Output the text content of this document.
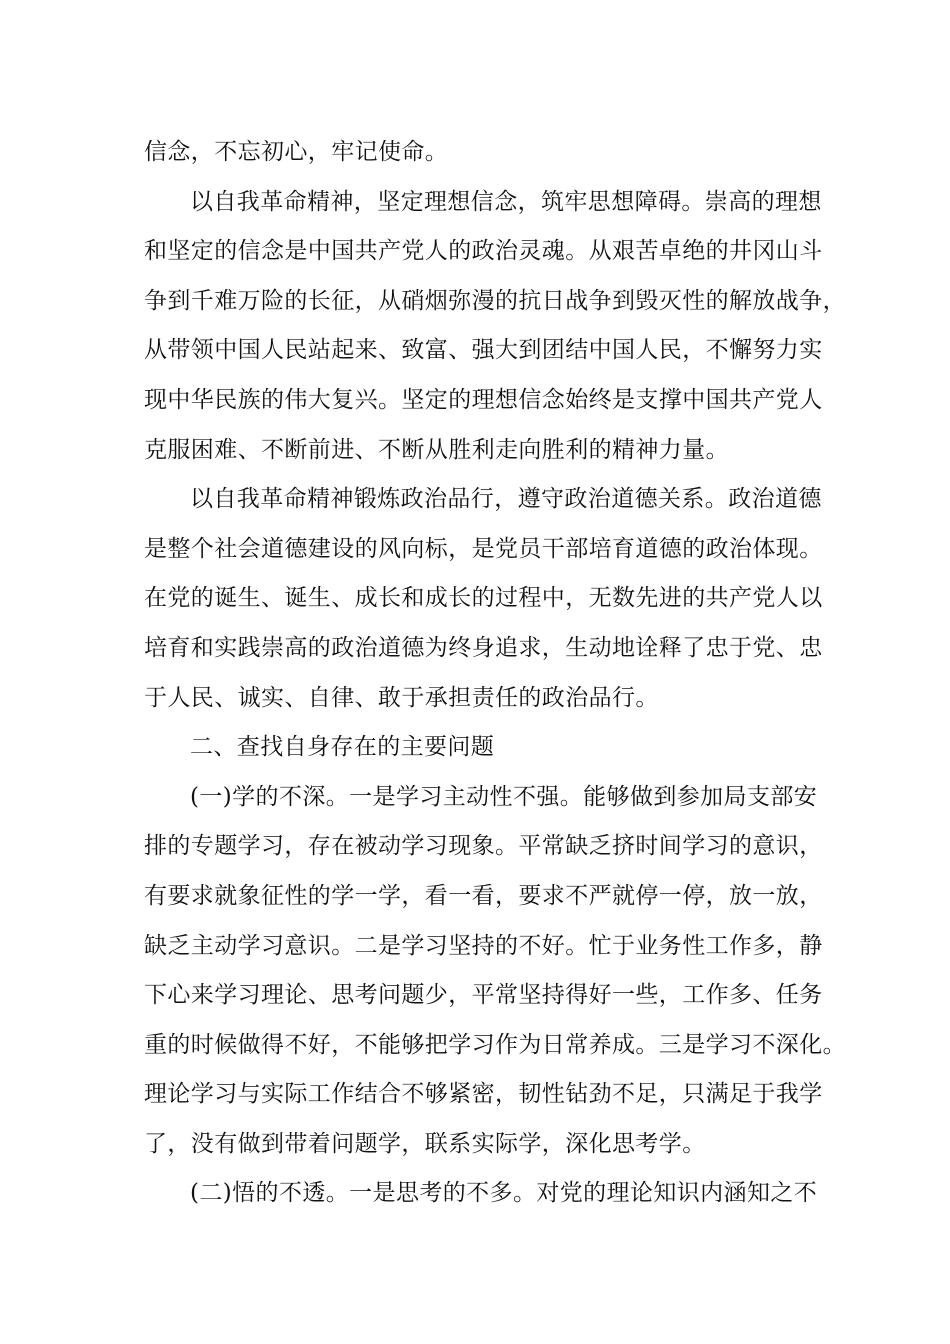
信念，不忘初心，牢记使命。
以自我革命精神，坚定理想信念，筑牢思想障碍。崇高的理想
和坚定的信念是中国共产党人的政治灵魂。从艰苦卓绝的井冈山斗
争到千难万险的长征，从硝烟弥漫的抗日战争到毁灭性的解放战争，
从带领中国人民站起来、致富、强大到团结中国人民，不懈努力实
现中华民族的伟大复兴。坚定的理想信念始终是支撑中国共产党人
克服困难、不断前进、不断从胜利走向胜利的精神力量。
以自我革命精神锻炼政治品行，遵守政治道德关系。政治道德
是整个社会道德建设的风向标，是党员干部培育道德的政治体现。
在党的诞生、诞生、成长和成长的过程中，无数先进的共产党人以
培育和实践崇高的政治道德为终身追求，生动地诠释了忠于党、忠
于人民、诚实、自律、敢于承担责任的政治品行。
二、查找自身存在的主要问题
(一)学的不深。一是学习主动性不强。能够做到参加局支部安
排的专题学习，存在被动学习现象。平常缺乏挤时间学习的意识，
有要求就象征性的学一学，看一看，要求不严就停一停，放一放，
缺乏主动学习意识。二是学习坚持的不好。忙于业务性工作多，静
下心来学习理论、思考问题少，平常坚持得好一些，工作多、任务
重的时候做得不好，不能够把学习作为日常养成。三是学习不深化。
理论学习与实际工作结合不够紧密，韧性钻劲不足，只满足于我学
了，没有做到带着问题学，联系实际学，深化思考学。
(二)悟的不透。一是思考的不多。对党的理论知识内涵知之不
